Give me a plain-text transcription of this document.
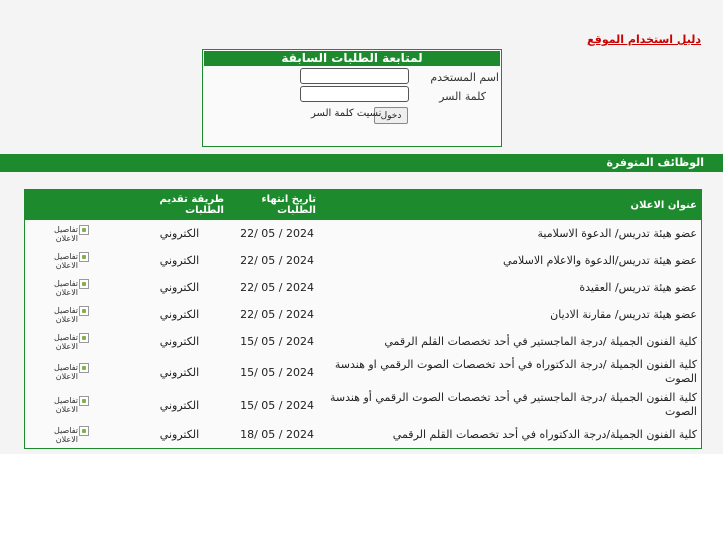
دليل استخدام الموقع
لمتابعة الطلبات السابقة
اسم المستخدم
كلمة السر
دخول
نسيت كلمة السر
الوظائف المتوفرة
عنوان الاعلان
تاريخ انتهاء الطلبات
طريقة تقديم الطلبات
عضو هيئة تدريس/ الدعوة الاسلامية
22/ 05 / 2024
الكتروني
تفاصيل الاعلان
عضو هيئة تدريس/الدعوة والاعلام الاسلامي
22/ 05 / 2024
الكتروني
تفاصيل الاعلان
عضو هيئة تدريس/ العقيدة
22/ 05 / 2024
الكتروني
تفاصيل الاعلان
عضو هيئة تدريس/ مقارنة الاديان
22/ 05 / 2024
الكتروني
تفاصيل الاعلان
كلية الفنون الجميلة /درجة الماجستير في أحد تخصصات القلم الرقمي
15/ 05 / 2024
الكتروني
تفاصيل الاعلان
كلية الفنون الجميلة /درجة الدكتوراه في أحد تخصصات الصوت الرقمي او هندسة الصوت
15/ 05 / 2024
الكتروني
تفاصيل الاعلان
كلية الفنون الجميلة /درجة الماجستير في أحد تخصصات الصوت الرقمي أو هندسة الصوت
15/ 05 / 2024
الكتروني
تفاصيل الاعلان
كلية الفنون الجميلة/درجة الدكتوراه في أحد تخصصات القلم الرقمي
18/ 05 / 2024
الكتروني
تفاصيل الاعلان
